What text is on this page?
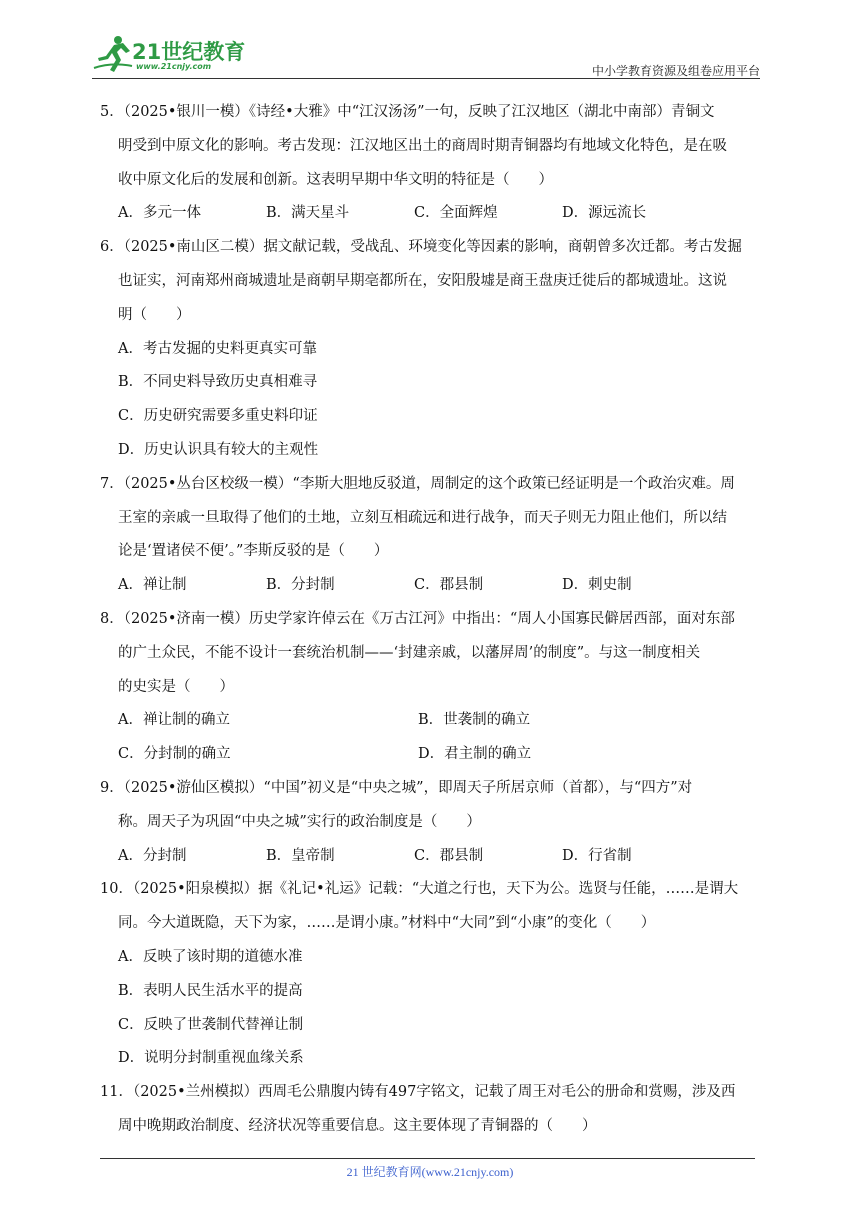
21世纪教育
www.21cnjy.com	中小学教育资源及组卷应用平台
5．（2025•银川一模）《诗经•大雅》中“江汉汤汤”一句，反映了江汉地区（湖北中南部）青铜文
明受到中原文化的影响。考古发现：江汉地区出土的商周时期青铜器均有地域文化特色，是在吸
收中原文化后的发展和创新。这表明早期中华文明的特征是（　　）
A．多元一体	B．满天星斗	C．全面辉煌	D．源远流长
6．（2025•南山区二模）据文献记载，受战乱、环境变化等因素的影响，商朝曾多次迁都。考古发掘
也证实，河南郑州商城遗址是商朝早期亳都所在，安阳殷墟是商王盘庚迁徙后的都城遗址。这说
明（　　）
A．考古发掘的史料更真实可靠
B．不同史料导致历史真相难寻
C．历史研究需要多重史料印证
D．历史认识具有较大的主观性
7．（2025•丛台区校级一模）“李斯大胆地反驳道，周制定的这个政策已经证明是一个政治灾难。周
王室的亲戚一旦取得了他们的土地，立刻互相疏远和进行战争，而天子则无力阻止他们，所以结
论是‘置诸侯不便’。”李斯反驳的是（　　）
A．禅让制	B．分封制	C．郡县制	D．刺史制
8．（2025•济南一模）历史学家许倬云在《万古江河》中指出：“周人小国寡民僻居西部，面对东部
的广土众民，不能不设计一套统治机制——‘封建亲戚，以藩屏周’的制度”。与这一制度相关
的史实是（　　）
A．禅让制的确立	B．世袭制的确立
C．分封制的确立	D．君主制的确立
9．（2025•游仙区模拟）“中国”初义是“中央之城”，即周天子所居京师（首都），与“四方”对
称。周天子为巩固“中央之城”实行的政治制度是（　　）
A．分封制	B．皇帝制	C．郡县制	D．行省制
10．（2025•阳泉模拟）据《礼记•礼运》记载：“大道之行也，天下为公。选贤与任能，……是谓大
同。今大道既隐，天下为家，……是谓小康。”材料中“大同”到“小康”的变化（　　）
A．反映了该时期的道德水准
B．表明人民生活水平的提高
C．反映了世袭制代替禅让制
D．说明分封制重视血缘关系
11．（2025•兰州模拟）西周毛公鼎腹内铸有497字铭文，记载了周王对毛公的册命和赏赐，涉及西
周中晚期政治制度、经济状况等重要信息。这主要体现了青铜器的（　　）
21 世纪教育网(www.21cnjy.com)
